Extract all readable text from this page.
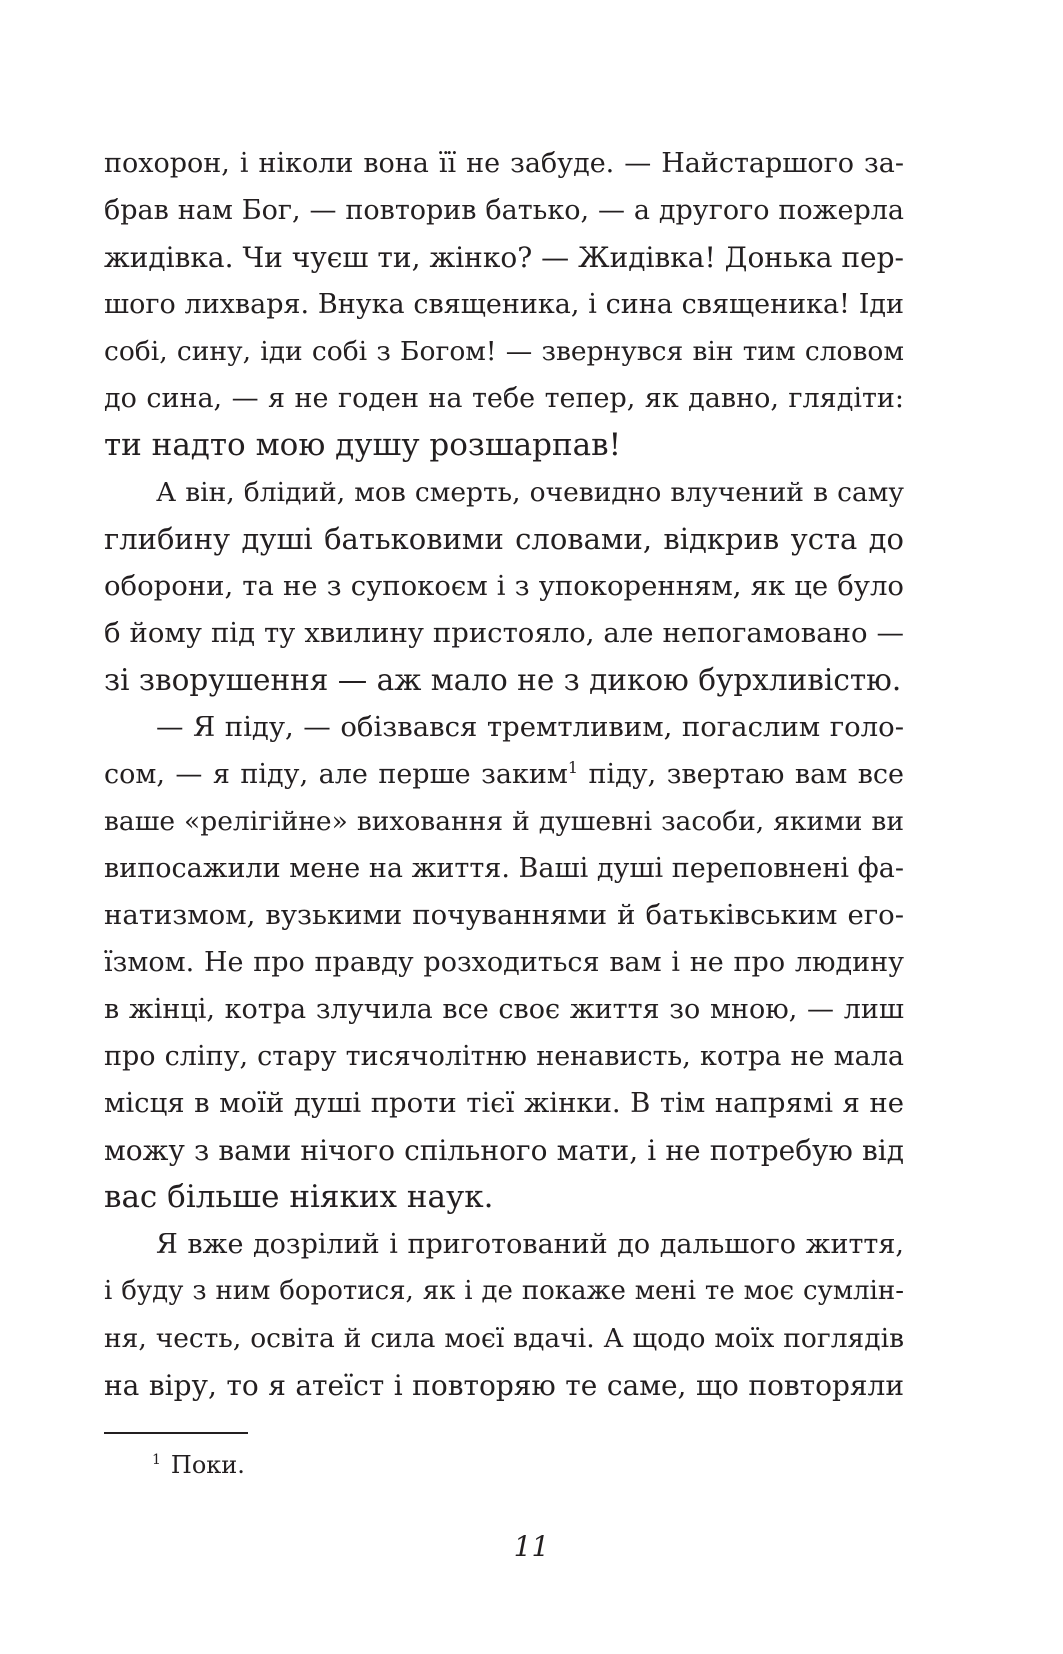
похорон, і ніколи вона її не забуде. — Найстаршого за-
брав нам Бог, — повторив батько, — а другого пожерла
жидівка. Чи чуєш ти, жінко? — Жидівка! Донька пер-
шого лихваря. Внука священика, і сина священика! Іди
собі, сину, іди собі з Богом! — звернувся він тим словом
до сина, — я не годен на тебе тепер, як давно, глядіти:
ти надто мою душу розшарпав!

А він, блідий, мов смерть, очевидно влучений в саму
глибину душі батьковими словами, відкрив уста до
оборони, та не з супокоєм і з упокоренням, як це було
б йому під ту хвилину пристояло, але непогамовано —
зі зворушення — аж мало не з дикою бурхливістю.

— Я піду, — обізвався тремтливим, погаслим голо-
сом, — я піду, але перше заким$^1$ піду, звертаю вам все
ваше «релігійне» виховання й душевні засоби, якими ви
випосажили мене на життя. Ваші душі переповнені фа-
натизмом, вузькими почуваннями й батьківським его-
їзмом. Не про правду розходиться вам і не про людину
в жінці, котра злучила все своє життя зо мною, — лиш
про сліпу, стару тисячолітню ненависть, котра не мала
місця в моїй душі проти тієї жінки. В тім напрямі я не
можу з вами нічого спільного мати, і не потребую від
вас більше ніяких наук.

Я вже дозрілий і приготований до дальшого життя,
і буду з ним боротися, як і де покаже мені те моє сумлін-
ня, честь, освіта й сила моєї вдачі. А щодо моїх поглядів
на віру, то я атеїст і повторяю те саме, що повторяли

$^1$ Поки.
11
